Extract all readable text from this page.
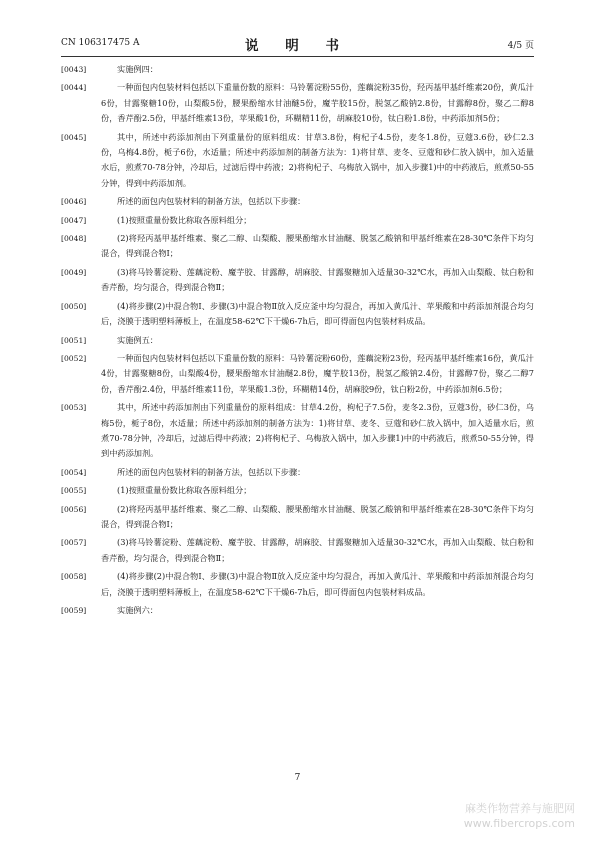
CN 106317475 A	说 明 书	4/5 页
[0043]	实施例四：
[0044]	一种面包内包装材料包括以下重量份数的原料：马铃薯淀粉55份，莲藕淀粉35份，羟丙基甲基纤维素20份，黄瓜汁6份，甘露聚糖10份，山梨酸5份，腰果酚缩水甘油醚5份，魔芋胶15份，脱氢乙酸钠2.8份，甘露醇8份，聚乙二醇8份，香芹酚2.5份，甲基纤维素13份，苹果酸1份，环糊精11份，胡麻胶10份，钛白粉1.8份，中药添加剂5份；
[0045]	其中，所述中药添加剂由下列重量份的原料组成：甘草3.8份，枸杞子4.5份，麦冬1.8份，豆蔻3.6份，砂仁2.3份，乌梅4.8份，栀子6份，水适量；所述中药添加剂的制备方法为：1)将甘草、麦冬、豆蔻和砂仁放入锅中，加入适量水后，煎煮70-78分钟，冷却后，过滤后得中药液；2)将枸杞子、乌梅放入锅中，加入步骤1)中的中药液后，煎煮50-55分钟，得到中药添加剂。
[0046]	所述的面包内包装材料的制备方法，包括以下步骤：
[0047]	(1)按照重量份数比称取各原料组分；
[0048]	(2)将羟丙基甲基纤维素、聚乙二醇、山梨酸、腰果酚缩水甘油醚、脱氢乙酸钠和甲基纤维素在28-30℃条件下均匀混合，得到混合物I；
[0049]	(3)将马铃薯淀粉、莲藕淀粉、魔芋胶、甘露醇，胡麻胶、甘露聚糖加入适量30-32℃水，再加入山梨酸、钛白粉和香芹酚，均匀混合，得到混合物Ⅱ；
[0050]	(4)将步骤(2)中混合物I、步骤(3)中混合物Ⅱ放入反应釜中均匀混合，再加入黄瓜汁、苹果酸和中药添加剂混合均匀后，浇膜于透明塑料薄板上，在温度58-62℃下干燥6-7h后，即可得面包内包装材料成品。
[0051]	实施例五：
[0052]	一种面包内包装材料包括以下重量份数的原料：马铃薯淀粉60份，莲藕淀粉23份，羟丙基甲基纤维素16份，黄瓜汁4份，甘露聚糖8份，山梨酸4份，腰果酚缩水甘油醚2.8份，魔芋胶13份，脱氢乙酸钠2.4份，甘露醇7份，聚乙二醇7份，香芹酚2.4份，甲基纤维素11份，苹果酸1.3份，环糊精14份，胡麻胶9份，钛白粉2份，中药添加剂6.5份；
[0053]	其中，所述中药添加剂由下列重量份的原料组成：甘草4.2份，枸杞子7.5份，麦冬2.3份，豆蔻3份，砂仁3份，乌梅5份，栀子8份，水适量；所述中药添加剂的制备方法为：1)将甘草、麦冬、豆蔻和砂仁放入锅中，加入适量水后，煎煮70-78分钟，冷却后，过滤后得中药液；2)将枸杞子、乌梅放入锅中，加入步骤1)中的中药液后，煎煮50-55分钟，得到中药添加剂。
[0054]	所述的面包内包装材料的制备方法，包括以下步骤：
[0055]	(1)按照重量份数比称取各原料组分；
[0056]	(2)将羟丙基甲基纤维素、聚乙二醇、山梨酸、腰果酚缩水甘油醚、脱氢乙酸钠和甲基纤维素在28-30℃条件下均匀混合，得到混合物I；
[0057]	(3)将马铃薯淀粉、莲藕淀粉、魔芋胶、甘露醇，胡麻胶、甘露聚糖加入适量30-32℃水，再加入山梨酸、钛白粉和香芹酚，均匀混合，得到混合物Ⅱ；
[0058]	(4)将步骤(2)中混合物I、步骤(3)中混合物Ⅱ放入反应釜中均匀混合，再加入黄瓜汁、苹果酸和中药添加剂混合均匀后，浇膜于透明塑料薄板上，在温度58-62℃下干燥6-7h后，即可得面包内包装材料成品。
[0059]	实施例六：
7
麻类作物营养与施肥网
www.fibercrops.com
